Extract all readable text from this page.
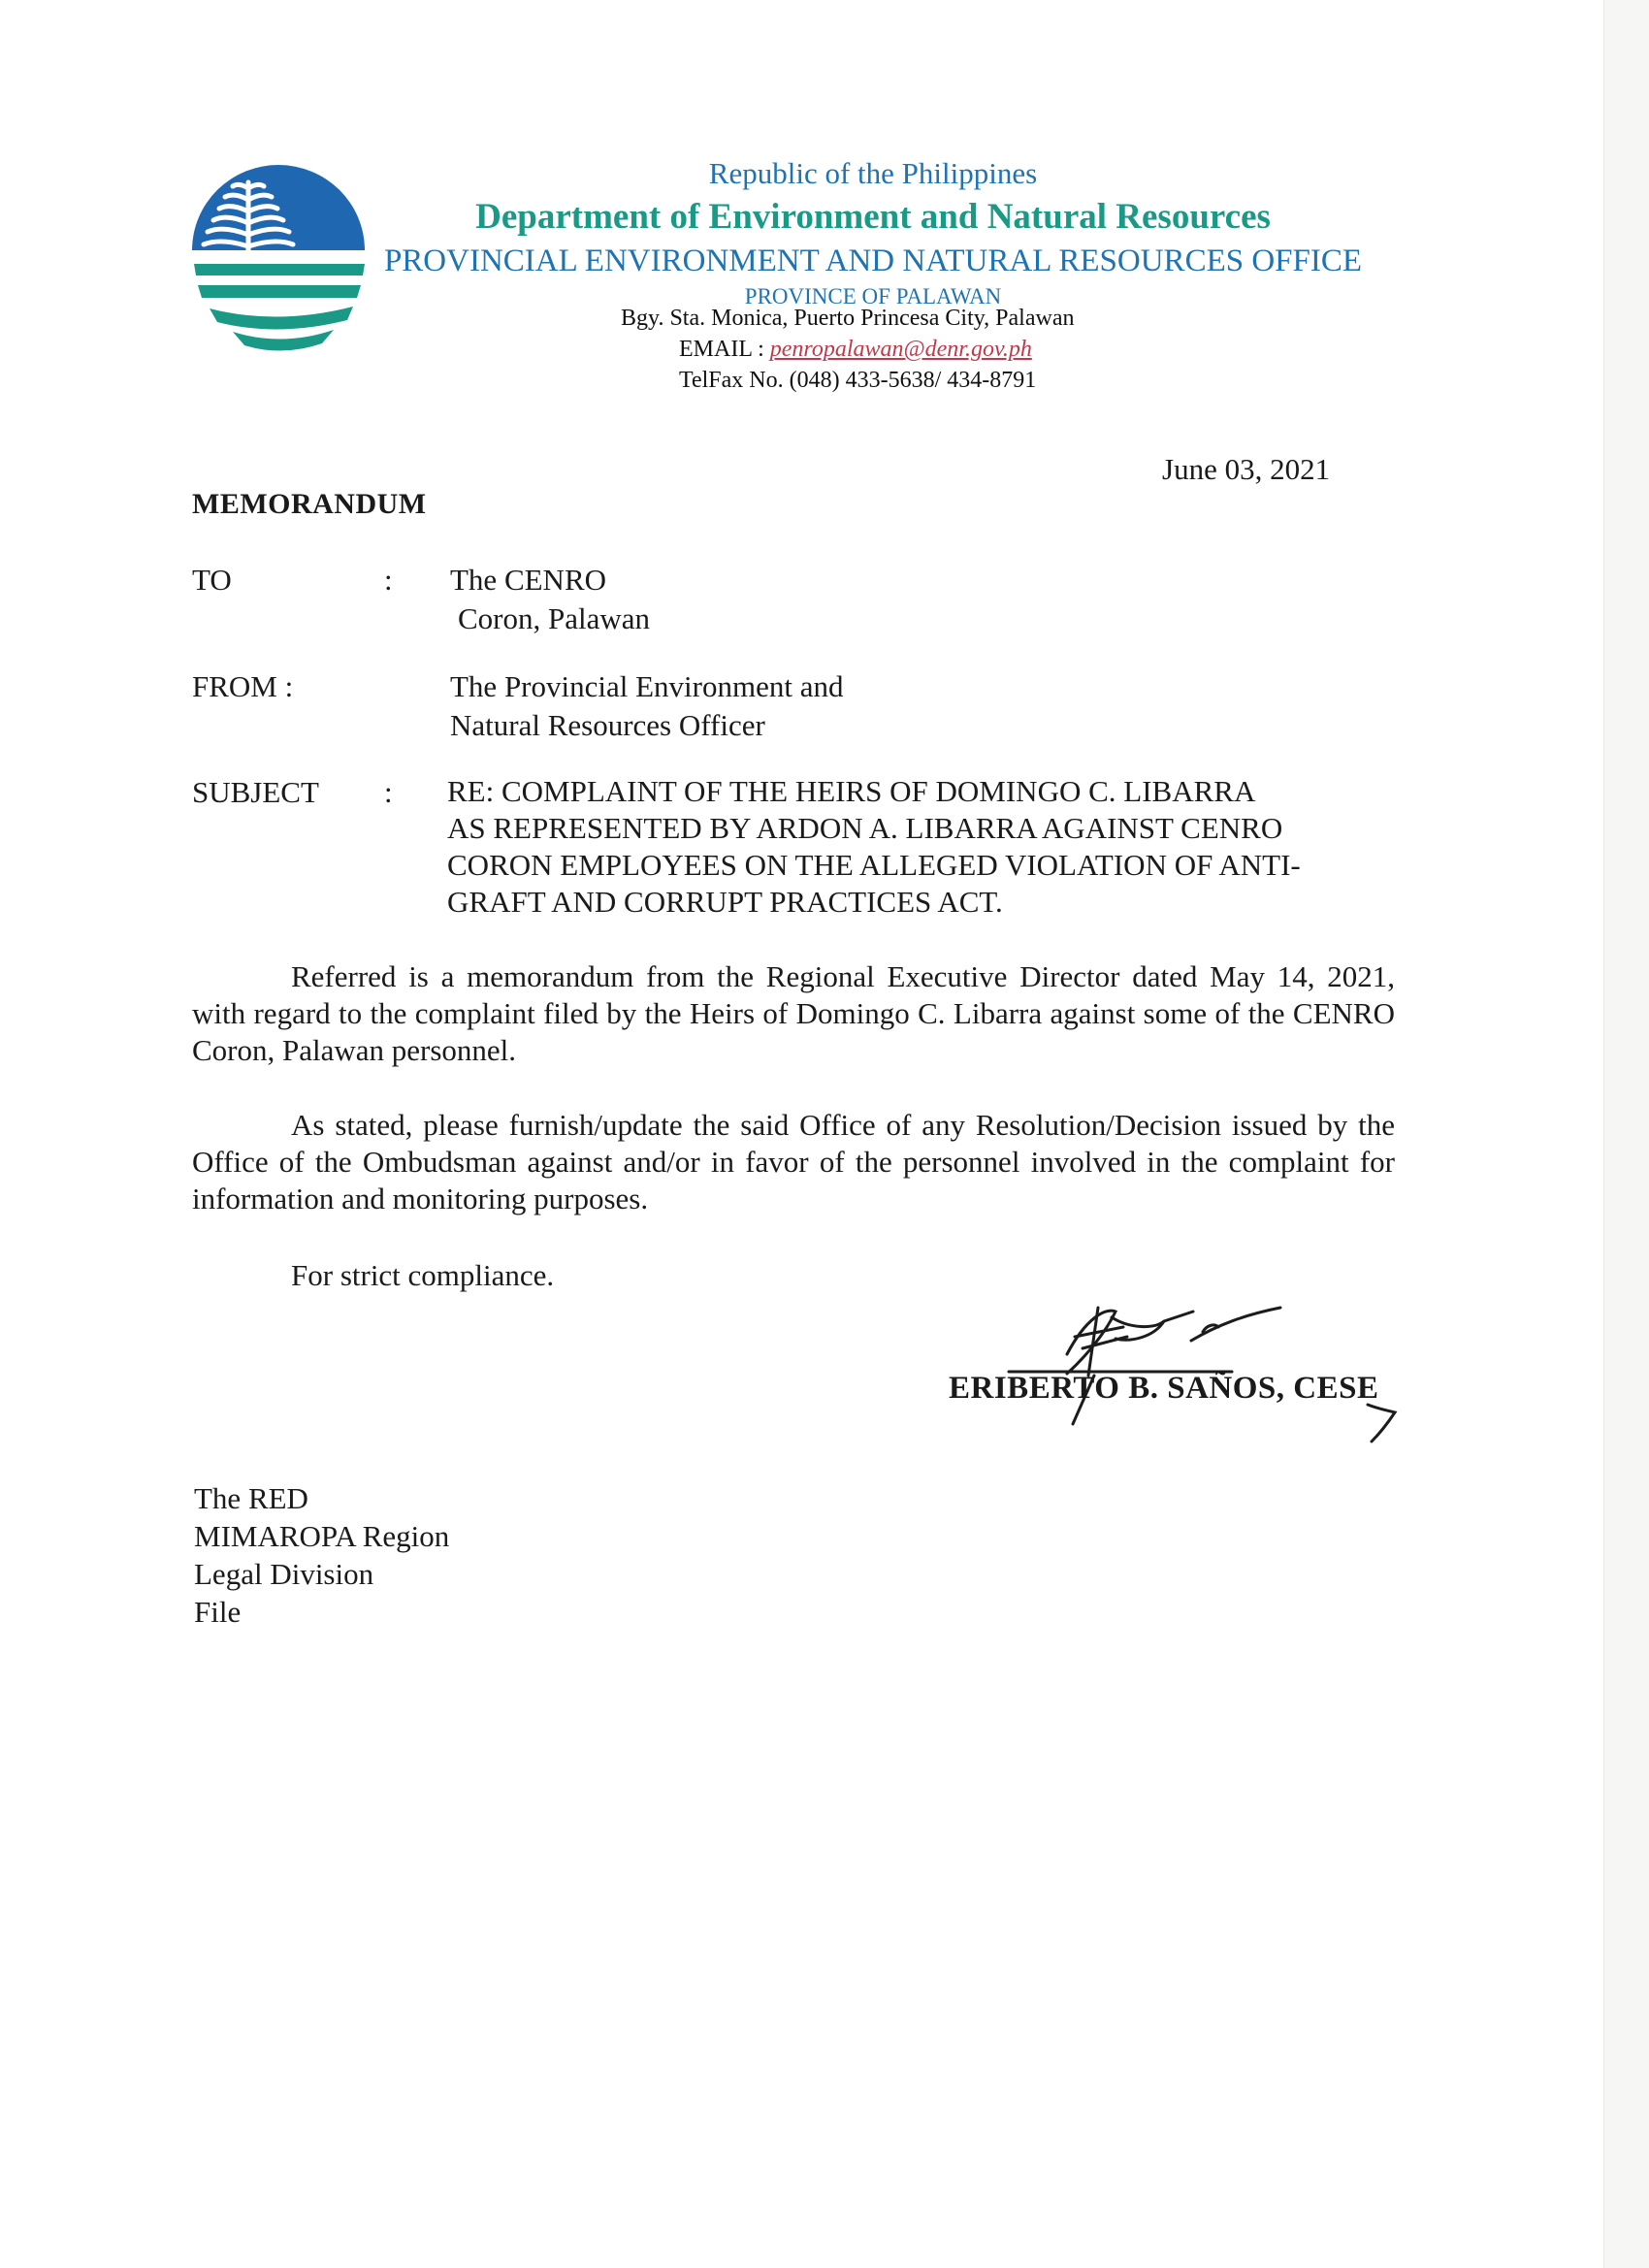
Republic of the Philippines
Department of Environment and Natural Resources
PROVINCIAL ENVIRONMENT AND NATURAL RESOURCES OFFICE
PROVINCE OF PALAWAN
Bgy. Sta. Monica, Puerto Princesa City, Palawan
EMAIL : penropalawan@denr.gov.ph
TelFax No. (048) 433-5638/ 434-8791
June 03, 2021
MEMORANDUM
TO	: The CENRO
Coron, Palawan
FROM :	The Provincial Environment and
Natural Resources Officer
SUBJECT : RE: COMPLAINT OF THE HEIRS OF DOMINGO C. LIBARRA
AS REPRESENTED BY ARDON A. LIBARRA AGAINST CENRO
CORON EMPLOYEES ON THE ALLEGED VIOLATION OF ANTI-
GRAFT AND CORRUPT PRACTICES ACT.
Referred is a memorandum from the Regional Executive Director dated May 14, 2021, with regard to the complaint filed by the Heirs of Domingo C. Libarra against some of the CENRO Coron, Palawan personnel.
As stated, please furnish/update the said Office of any Resolution/Decision issued by the Office of the Ombudsman against and/or in favor of the personnel involved in the complaint for information and monitoring purposes.
For strict compliance.
ERIBERTO B. SAÑOS, CESE
The RED
MIMAROPA Region
Legal Division
File
